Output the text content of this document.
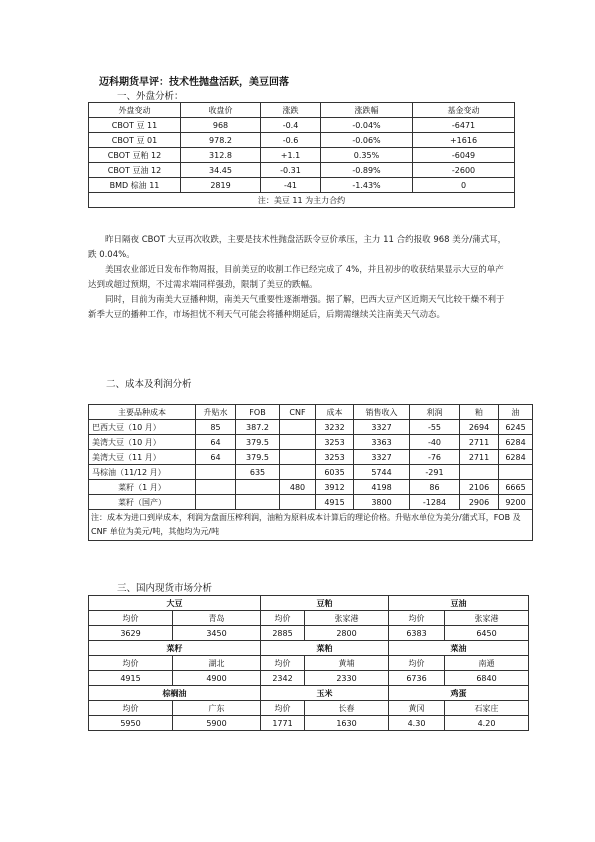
迈科期货早评：技术性抛盘活跃，美豆回落
一、外盘分析：
外盘变动	收盘价	涨跌	涨跌幅	基金变动
CBOT 豆 11	968	-0.4	-0.04%	-6471
CBOT 豆 01	978.2	-0.6	-0.06%	+1616
CBOT 豆粕 12	312.8	+1.1	0.35%	-6049
CBOT 豆油 12	34.45	-0.31	-0.89%	-2600
BMD 棕油 11	2819	-41	-1.43%	0
注：美豆 11 为主力合约				

昨日隔夜 CBOT 大豆再次收跌，主要是技术性抛盘活跃令豆价承压，主力 11 合约报收 968 美分/蒲式耳，跌 0.04%。

美国农业部近日发布作物周报，目前美豆的收割工作已经完成了 4%，并且初步的收获结果显示大豆的单产达到或超过预期，不过需求端同样强劲，限制了美豆的跌幅。

同时，目前为南美大豆播种期，南美天气重要性逐渐增强。据了解，巴西大豆产区近期天气比较干燥不利于新季大豆的播种工作，市场担忧不利天气可能会将播种期延后，后期需继续关注南美天气动态。

二、成本及利润分析
主要品种成本	升贴水	FOB	CNF	成本	销售收入	利润	粕	油
巴西大豆（10 月）	85	387.2		3232	3327	-55	2694	6245
美湾大豆（10 月）	64	379.5		3253	3363	-40	2711	6284
美湾大豆（11 月）	64	379.5		3253	3327	-76	2711	6284
马棕油（11/12 月）		635		6035	5744	-291		
菜籽（1 月）			480	3912	4198	86	2106	6665
菜籽（国产）				4915	3800	-1284	2906	9200
注：成本为进口到岸成本，利润为盘面压榨利润，油粕为原料成本计算后的理论价格。升贴水单位为美分/蒲式耳，FOB 及 CNF 单位为美元/吨，其他均为元/吨								
三、国内现货市场分析
大豆		豆粕		豆油	
均价	青岛	均价	张家港	均价	张家港
3629	3450	2885	2800	6383	6450
菜籽		菜粕		菜油	
均价	湖北	均价	黄埔	均价	南通
4915	4900	2342	2330	6736	6840
棕榈油		玉米		鸡蛋	
均价	广东	均价	长春	黄冈	石家庄
5950	5900	1771	1630	4.30	4.20
